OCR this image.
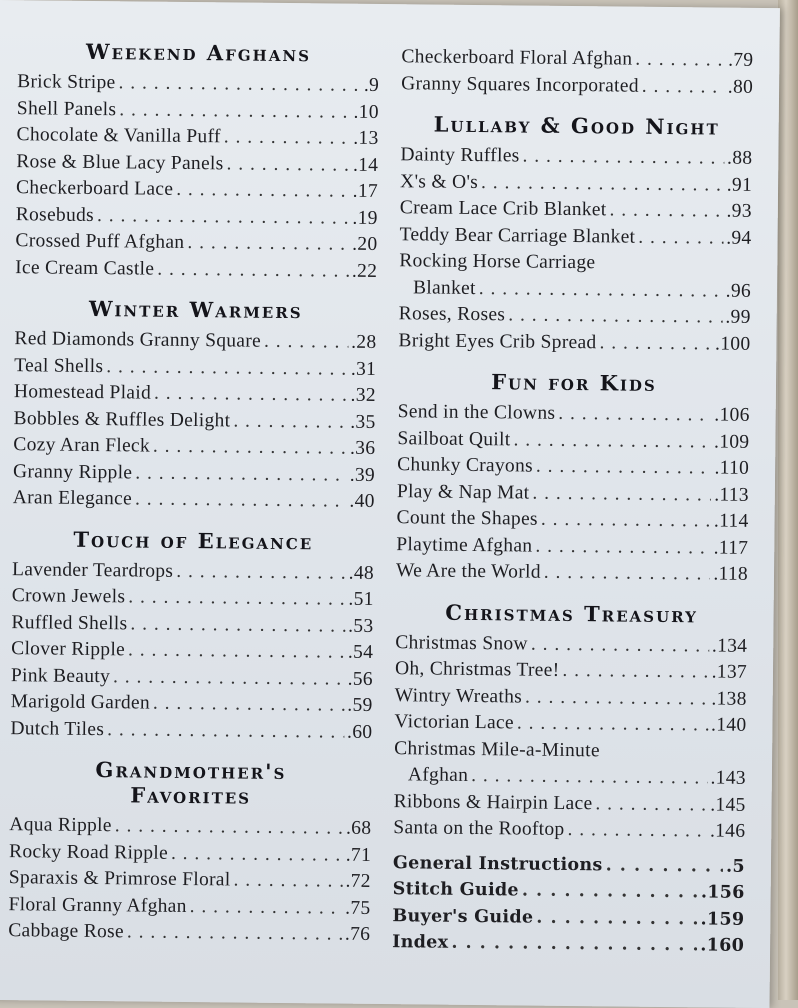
Weekend Afghans
Brick Stripe . . .	.9
Shell Panels . . .	.10
Chocolate & Vanilla Puff . . .	.13
Rose & Blue Lacy Panels . . .	.14
Checkerboard Lace . . .	.17
Rosebuds . . .	.19
Crossed Puff Afghan . . .	.20
Ice Cream Castle . . .	.22
Winter Warmers
Red Diamonds Granny Square . . .	.28
Teal Shells . . .	.31
Homestead Plaid . . .	.32
Bobbles & Ruffles Delight . . .	.35
Cozy Aran Fleck . . .	.36
Granny Ripple . . .	.39
Aran Elegance . . .	.40
Touch of Elegance
Lavender Teardrops . . .	.48
Crown Jewels . . .	.51
Ruffled Shells . . .	.53
Clover Ripple . . .	.54
Pink Beauty . . .	.56
Marigold Garden . . .	.59
Dutch Tiles . . .	.60
Grandmother's
Favorites
Aqua Ripple . . .	.68
Rocky Road Ripple . . .	.71
Sparaxis & Primrose Floral . . .	.72
Floral Granny Afghan . . .	.75
Cabbage Rose . . .	.76
Checkerboard Floral Afghan . . .	.79
Granny Squares Incorporated . . .	.80
Lullaby & Good Night
Dainty Ruffles . . .	.88
X's & O's . . .	.91
Cream Lace Crib Blanket . . .	.93
Teddy Bear Carriage Blanket . . .	.94
Rocking Horse Carriage
Blanket . . .	.96
Roses, Roses . . .	.99
Bright Eyes Crib Spread . . .	.100
Fun for Kids
Send in the Clowns . . .	.106
Sailboat Quilt . . .	.109
Chunky Crayons . . .	.110
Play & Nap Mat . . .	.113
Count the Shapes . . .	.114
Playtime Afghan . . .	.117
We Are the World . . .	.118
Christmas Treasury
Christmas Snow . . .	.134
Oh, Christmas Tree! . . .	.137
Wintry Wreaths . . .	.138
Victorian Lace . . .	.140
Christmas Mile-a-Minute
Afghan . . .	.143
Ribbons & Hairpin Lace . . .	.145
Santa on the Rooftop . . .	.146
General Instructions . . .	.5
Stitch Guide . . .	.156
Buyer's Guide . . .	.159
Index . . .	.160
